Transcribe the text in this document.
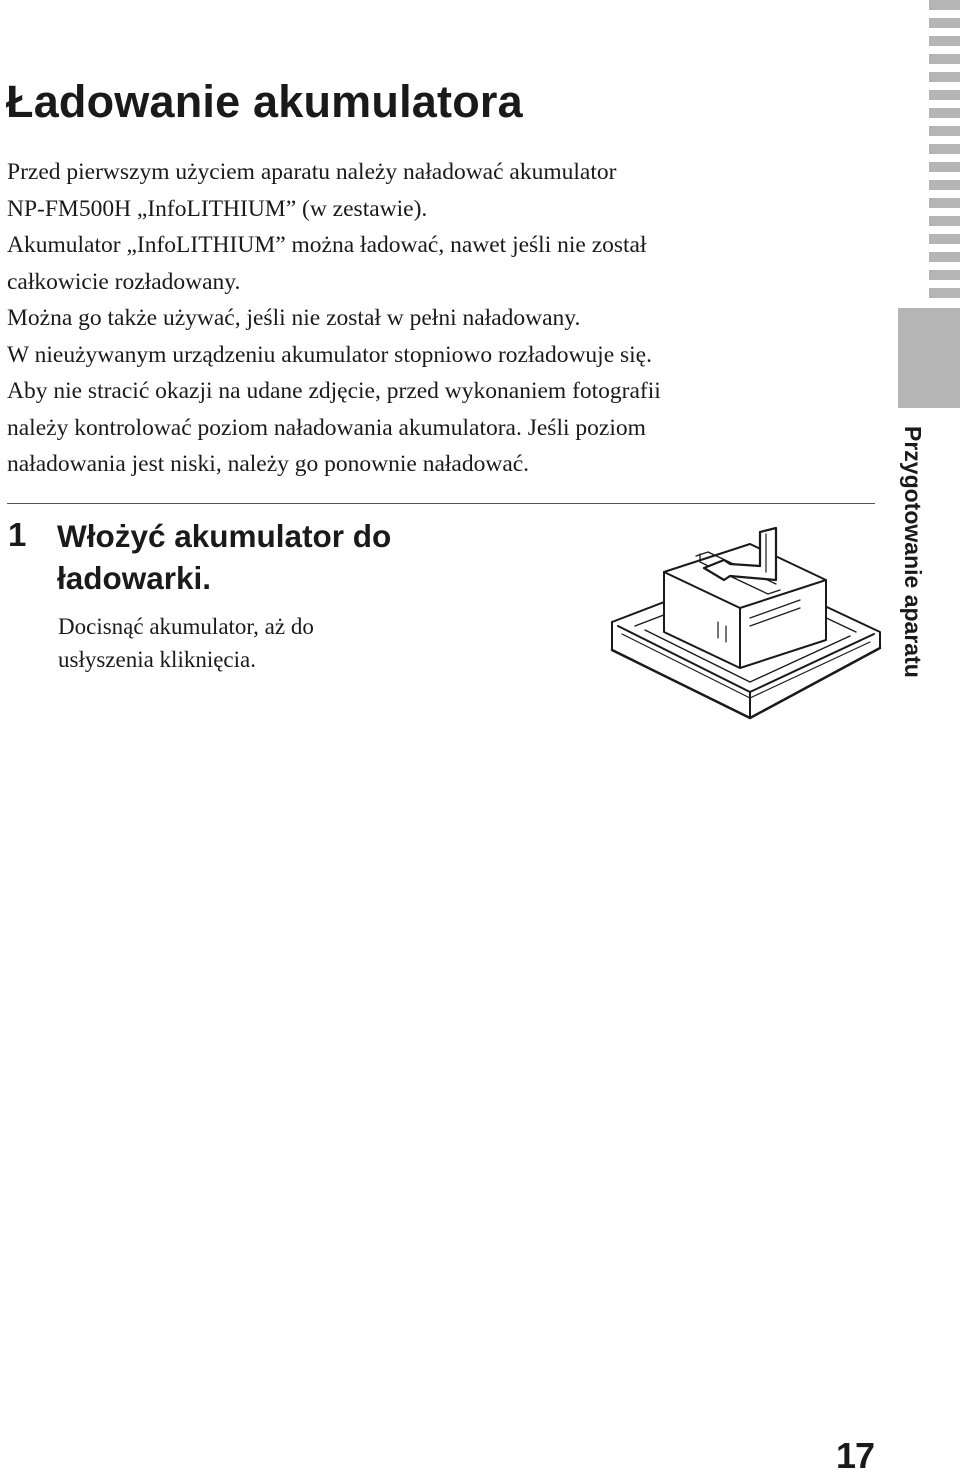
Ładowanie akumulatora

Przed pierwszym użyciem aparatu należy naładować akumulator

NP-FM500H „InfoLITHIUM” (w zestawie).

Akumulator „InfoLITHIUM” można ładować, nawet jeśli nie został

całkowicie rozładowany.

Można go także używać, jeśli nie został w pełni naładowany.

W nieużywanym urządzeniu akumulator stopniowo rozładowuje się.

Aby nie stracić okazji na udane zdjęcie, przed wykonaniem fotografii

należy kontrolować poziom naładowania akumulatora. Jeśli poziom

naładowania jest niski, należy go ponownie naładować.

1 Włożyć akumulator do
ładowarki.

Docisnąć akumulator, aż do
usłyszenia kliknięcia.	Przygotowanie aparatu
17
